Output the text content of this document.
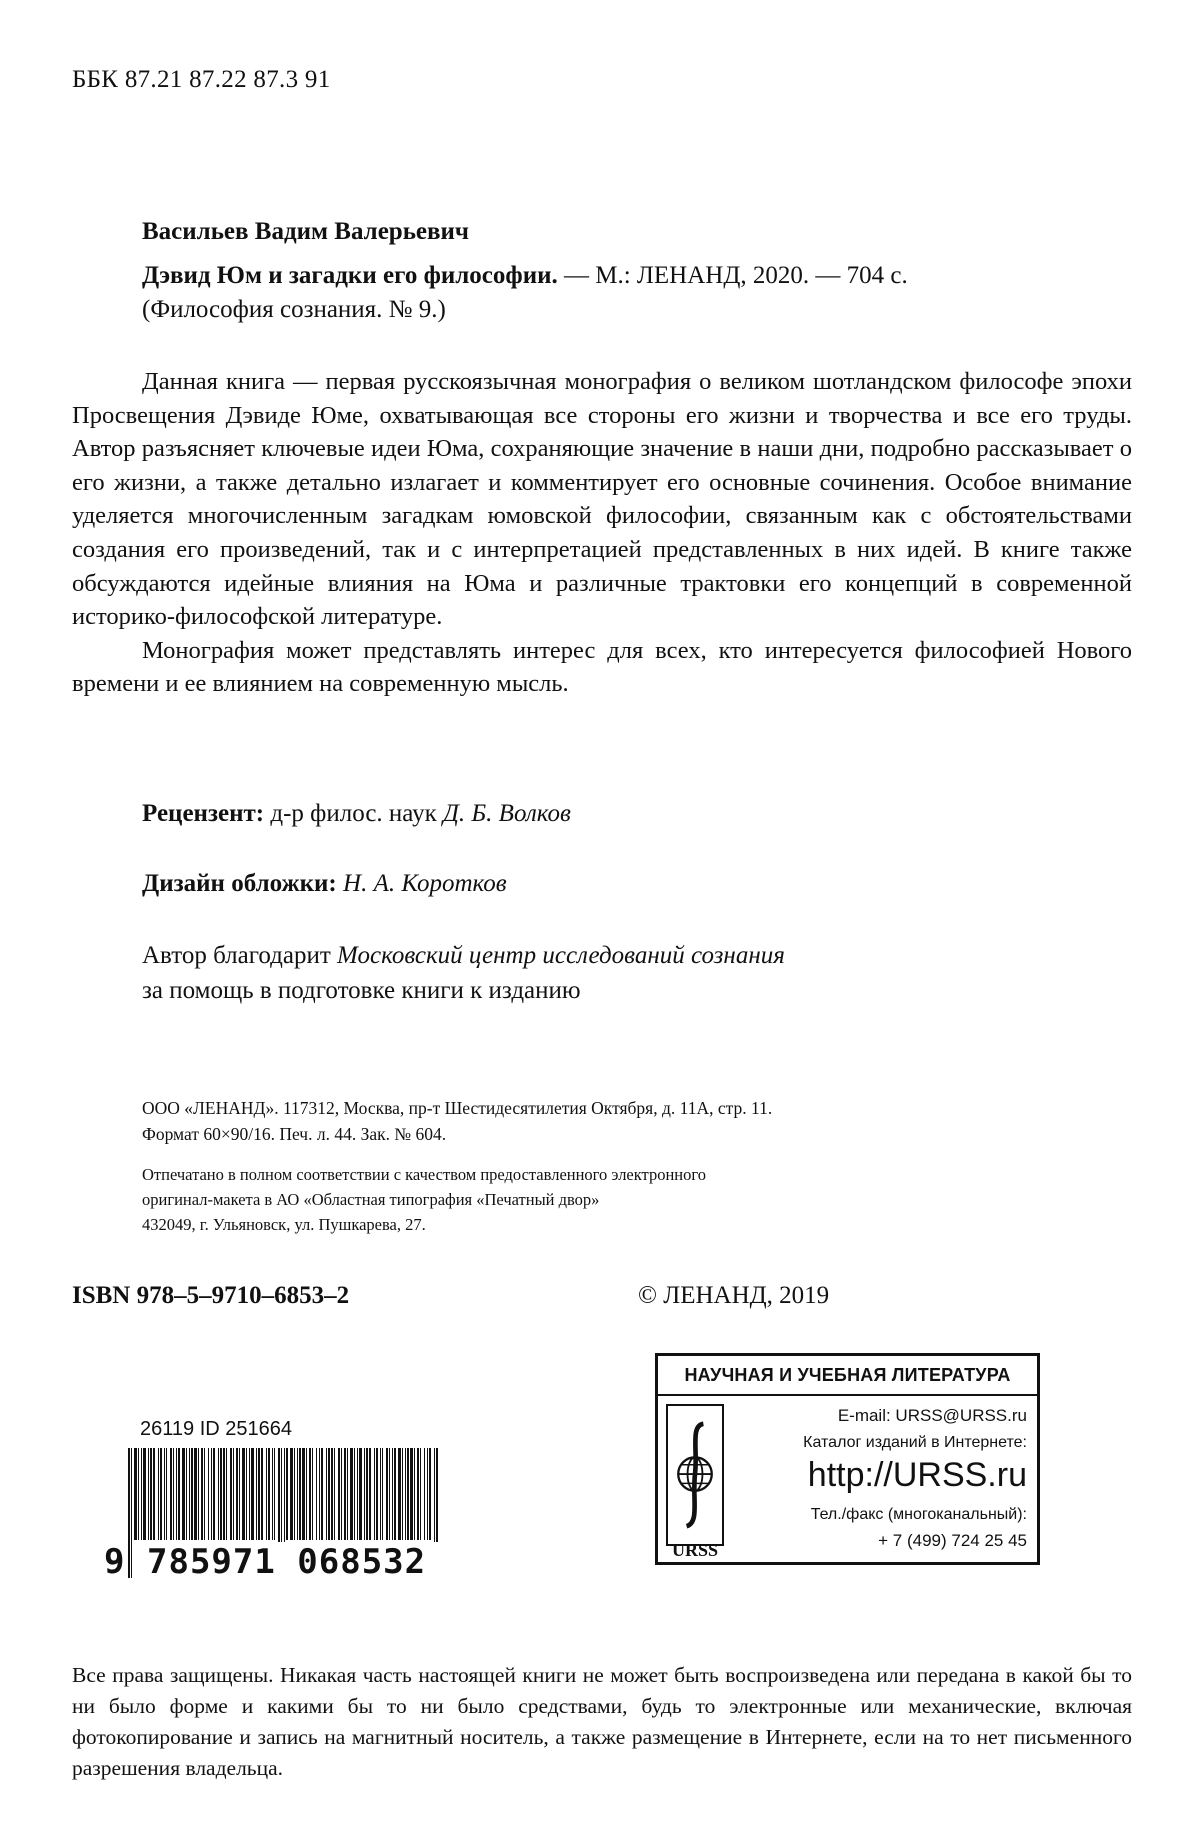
ББК 87.21 87.22 87.3 91
Васильев Вадим Валерьевич
Дэвид Юм и загадки его философии. — М.: ЛЕНАНД, 2020. — 704 с.
(Философия сознания. № 9.)

Данная книга — первая русскоязычная монография о великом шотландском философе эпохи Просвещения Дэвиде Юме, охватывающая все стороны его жизни и творчества и все его труды. Автор разъясняет ключевые идеи Юма, сохраняющие значение в наши дни, подробно рассказывает о его жизни, а также детально излагает и комментирует его основные сочинения. Особое внимание уделяется многочисленным загадкам юмовской философии, связанным как с обстоятельствами создания его произведений, так и с интерпретацией представленных в них идей. В книге также обсуждаются идейные влияния на Юма и различные трактовки его концепций в современной историко-философской литературе.

Монография может представлять интерес для всех, кто интересуется философией Нового времени и ее влиянием на современную мысль.

Рецензент: д-р филос. наук Д. Б. Волков
Дизайн обложки: Н. А. Коротков
Автор благодарит Московский центр исследований сознания
за помощь в подготовке книги к изданию
ООО «ЛЕНАНД». 117312, Москва, пр-т Шестидесятилетия Октября, д. 11А, стр. 11.
Формат 60×90/16. Печ. л. 44. Зак. № 604.
Отпечатано в полном соответствии с качеством предоставленного электронного
оригинал-макета в АО «Областная типография «Печатный двор»
432049, г. Ульяновск, ул. Пушкарева, 27.
ISBN 978–5–9710–6853–2	© ЛЕНАНД, 2019
26119 ID 251664
9 785971 068532
НАУЧНАЯ И УЧЕБНАЯ ЛИТЕРАТУРА
URSS
E-mail: URSS@URSS.ru
Каталог изданий в Интернете:
http://URSS.ru
Тел./факс (многоканальный):
+ 7 (499) 724 25 45
Все права защищены. Никакая часть настоящей книги не может быть воспроизведена или передана в какой бы то ни было форме и какими бы то ни было средствами, будь то электронные или механические, включая фотокопирование и запись на магнитный носитель, а также размещение в Интернете, если на то нет письменного разрешения владельца.
